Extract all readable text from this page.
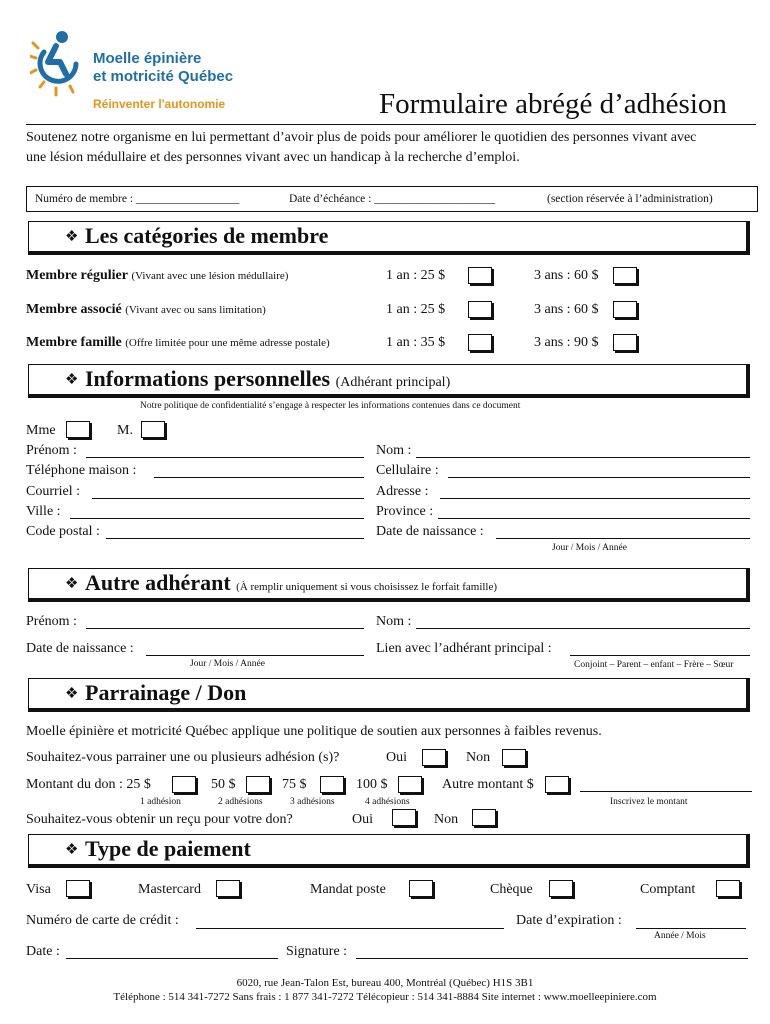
Moelle épinière
et motricité Québec
Réinventer l'autonomie	Formulaire abrégé d’adhésion
Soutenez notre organisme en lui permettant d’avoir plus de poids pour améliorer le quotidien des personnes vivant avec
une lésion médullaire et des personnes vivant avec un handicap à la recherche d’emploi.
Numéro de membre : __________________	Date d’échéance : _____________________	(section réservée à l’administration)
❖ Les catégories de membre
Membre régulier (Vivant avec une lésion médullaire)	1 an : 25 $	3 ans : 60 $
Membre associé (Vivant avec ou sans limitation)	1 an : 25 $	3 ans : 60 $
Membre famille (Offre limitée pour une même adresse postale)	1 an : 35 $	3 ans : 90 $
❖ Informations personnelles (Adhérant principal)
Notre politique de confidentialité s’engage à respecter les informations contenues dans ce document
Mme	M.
Prénom :	Nom :
Téléphone maison :	Cellulaire :
Courriel :	Adresse :
Ville :	Province :
Code postal :	Date de naissance :
Jour / Mois / Année
❖ Autre adhérant (À remplir uniquement si vous choisissez le forfait famille)
Prénom :	Nom :
Date de naissance :
Jour / Mois / Année
Lien avec l’adhérant principal :
Conjoint – Parent – enfant – Frère – Sœur
❖ Parrainage / Don
Moelle épinière et motricité Québec applique une politique de soutien aux personnes à faibles revenus.
Souhaitez-vous parrainer une ou plusieurs adhésion (s)?	Oui	Non
Montant du don : 25 $	50 $	75 $	100 $	Autre montant $
1 adhésion	2 adhésions	3 adhésions	4 adhésions	Inscrivez le montant
Souhaitez-vous obtenir un reçu pour votre don?	Oui	Non
❖ Type de paiement
Visa	Mastercard	Mandat poste	Chèque	Comptant
Numéro de carte de crédit :	Date d’expiration :
Année / Mois
Date :	Signature :
6020, rue Jean-Talon Est, bureau 400, Montréal (Québec) H1S 3B1
Téléphone : 514 341-7272 Sans frais : 1 877 341-7272 Télécopieur : 514 341-8884 Site internet : www.moelleepiniere.com
